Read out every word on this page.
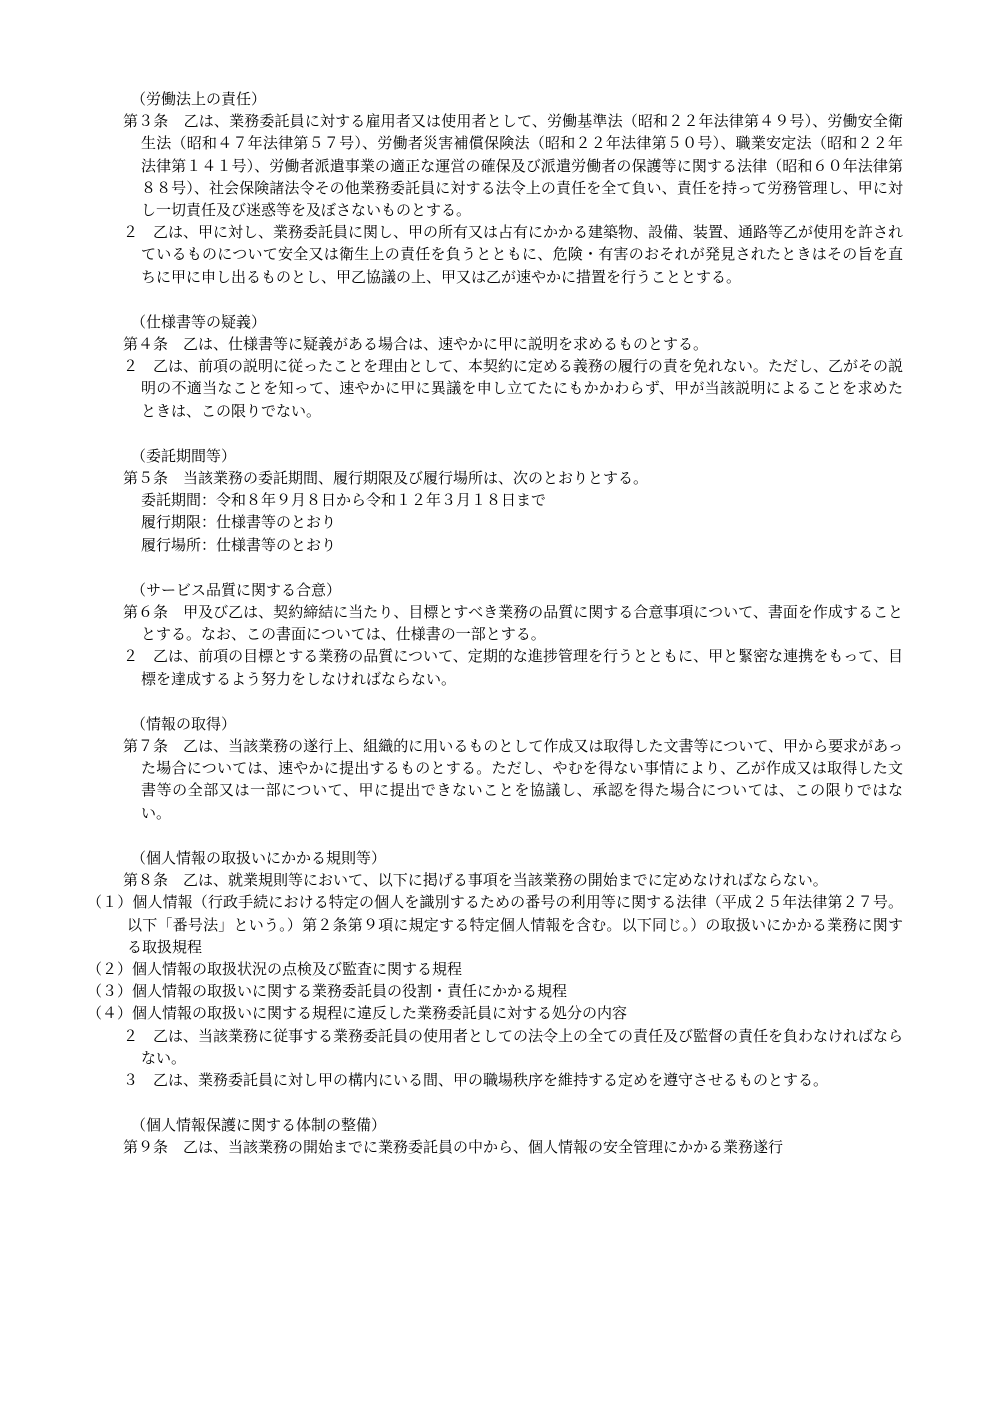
（労働法上の責任）
第３条　乙は、業務委託員に対する雇用者又は使用者として、労働基準法（昭和２２年法律第４９号）、労働安全衛生法（昭和４７年法律第５７号）、労働者災害補償保険法（昭和２２年法律第５０号）、職業安定法（昭和２２年法律第１４１号）、労働者派遣事業の適正な運営の確保及び派遣労働者の保護等に関する法律（昭和６０年法律第８８号）、社会保険諸法令その他業務委託員に対する法令上の責任を全て負い、責任を持って労務管理し、甲に対し一切責任及び迷惑等を及ぼさないものとする。
２　乙は、甲に対し、業務委託員に関し、甲の所有又は占有にかかる建築物、設備、装置、通路等乙が使用を許されているものについて安全又は衛生上の責任を負うとともに、危険・有害のおそれが発見されたときはその旨を直ちに甲に申し出るものとし、甲乙協議の上、甲又は乙が速やかに措置を行うこととする。
（仕様書等の疑義）
第４条　乙は、仕様書等に疑義がある場合は、速やかに甲に説明を求めるものとする。
２　乙は、前項の説明に従ったことを理由として、本契約に定める義務の履行の責を免れない。ただし、乙がその説明の不適当なことを知って、速やかに甲に異議を申し立てたにもかかわらず、甲が当該説明によることを求めたときは、この限りでない。
（委託期間等）
第５条　当該業務の委託期間、履行期限及び履行場所は、次のとおりとする。
委託期間：令和８年９月８日から令和１２年３月１８日まで
履行期限：仕様書等のとおり
履行場所：仕様書等のとおり
（サービス品質に関する合意）
第６条　甲及び乙は、契約締結に当たり、目標とすべき業務の品質に関する合意事項について、書面を作成することとする。なお、この書面については、仕様書の一部とする。
２　乙は、前項の目標とする業務の品質について、定期的な進捗管理を行うとともに、甲と緊密な連携をもって、目標を達成するよう努力をしなければならない。
（情報の取得）
第７条　乙は、当該業務の遂行上、組織的に用いるものとして作成又は取得した文書等について、甲から要求があった場合については、速やかに提出するものとする。ただし、やむを得ない事情により、乙が作成又は取得した文書等の全部又は一部について、甲に提出できないことを協議し、承認を得た場合については、この限りではない。
（個人情報の取扱いにかかる規則等）
第８条　乙は、就業規則等において、以下に掲げる事項を当該業務の開始までに定めなければならない。
（１）個人情報（行政手続における特定の個人を識別するための番号の利用等に関する法律（平成２５年法律第２７号。以下「番号法」という。）第２条第９項に規定する特定個人情報を含む。以下同じ。）の取扱いにかかる業務に関する取扱規程
（２）個人情報の取扱状況の点検及び監査に関する規程
（３）個人情報の取扱いに関する業務委託員の役割・責任にかかる規程
（４）個人情報の取扱いに関する規程に違反した業務委託員に対する処分の内容
２　乙は、当該業務に従事する業務委託員の使用者としての法令上の全ての責任及び監督の責任を負わなければならない。
３　乙は、業務委託員に対し甲の構内にいる間、甲の職場秩序を維持する定めを遵守させるものとする。
（個人情報保護に関する体制の整備）
第９条　乙は、当該業務の開始までに業務委託員の中から、個人情報の安全管理にかかる業務遂行
